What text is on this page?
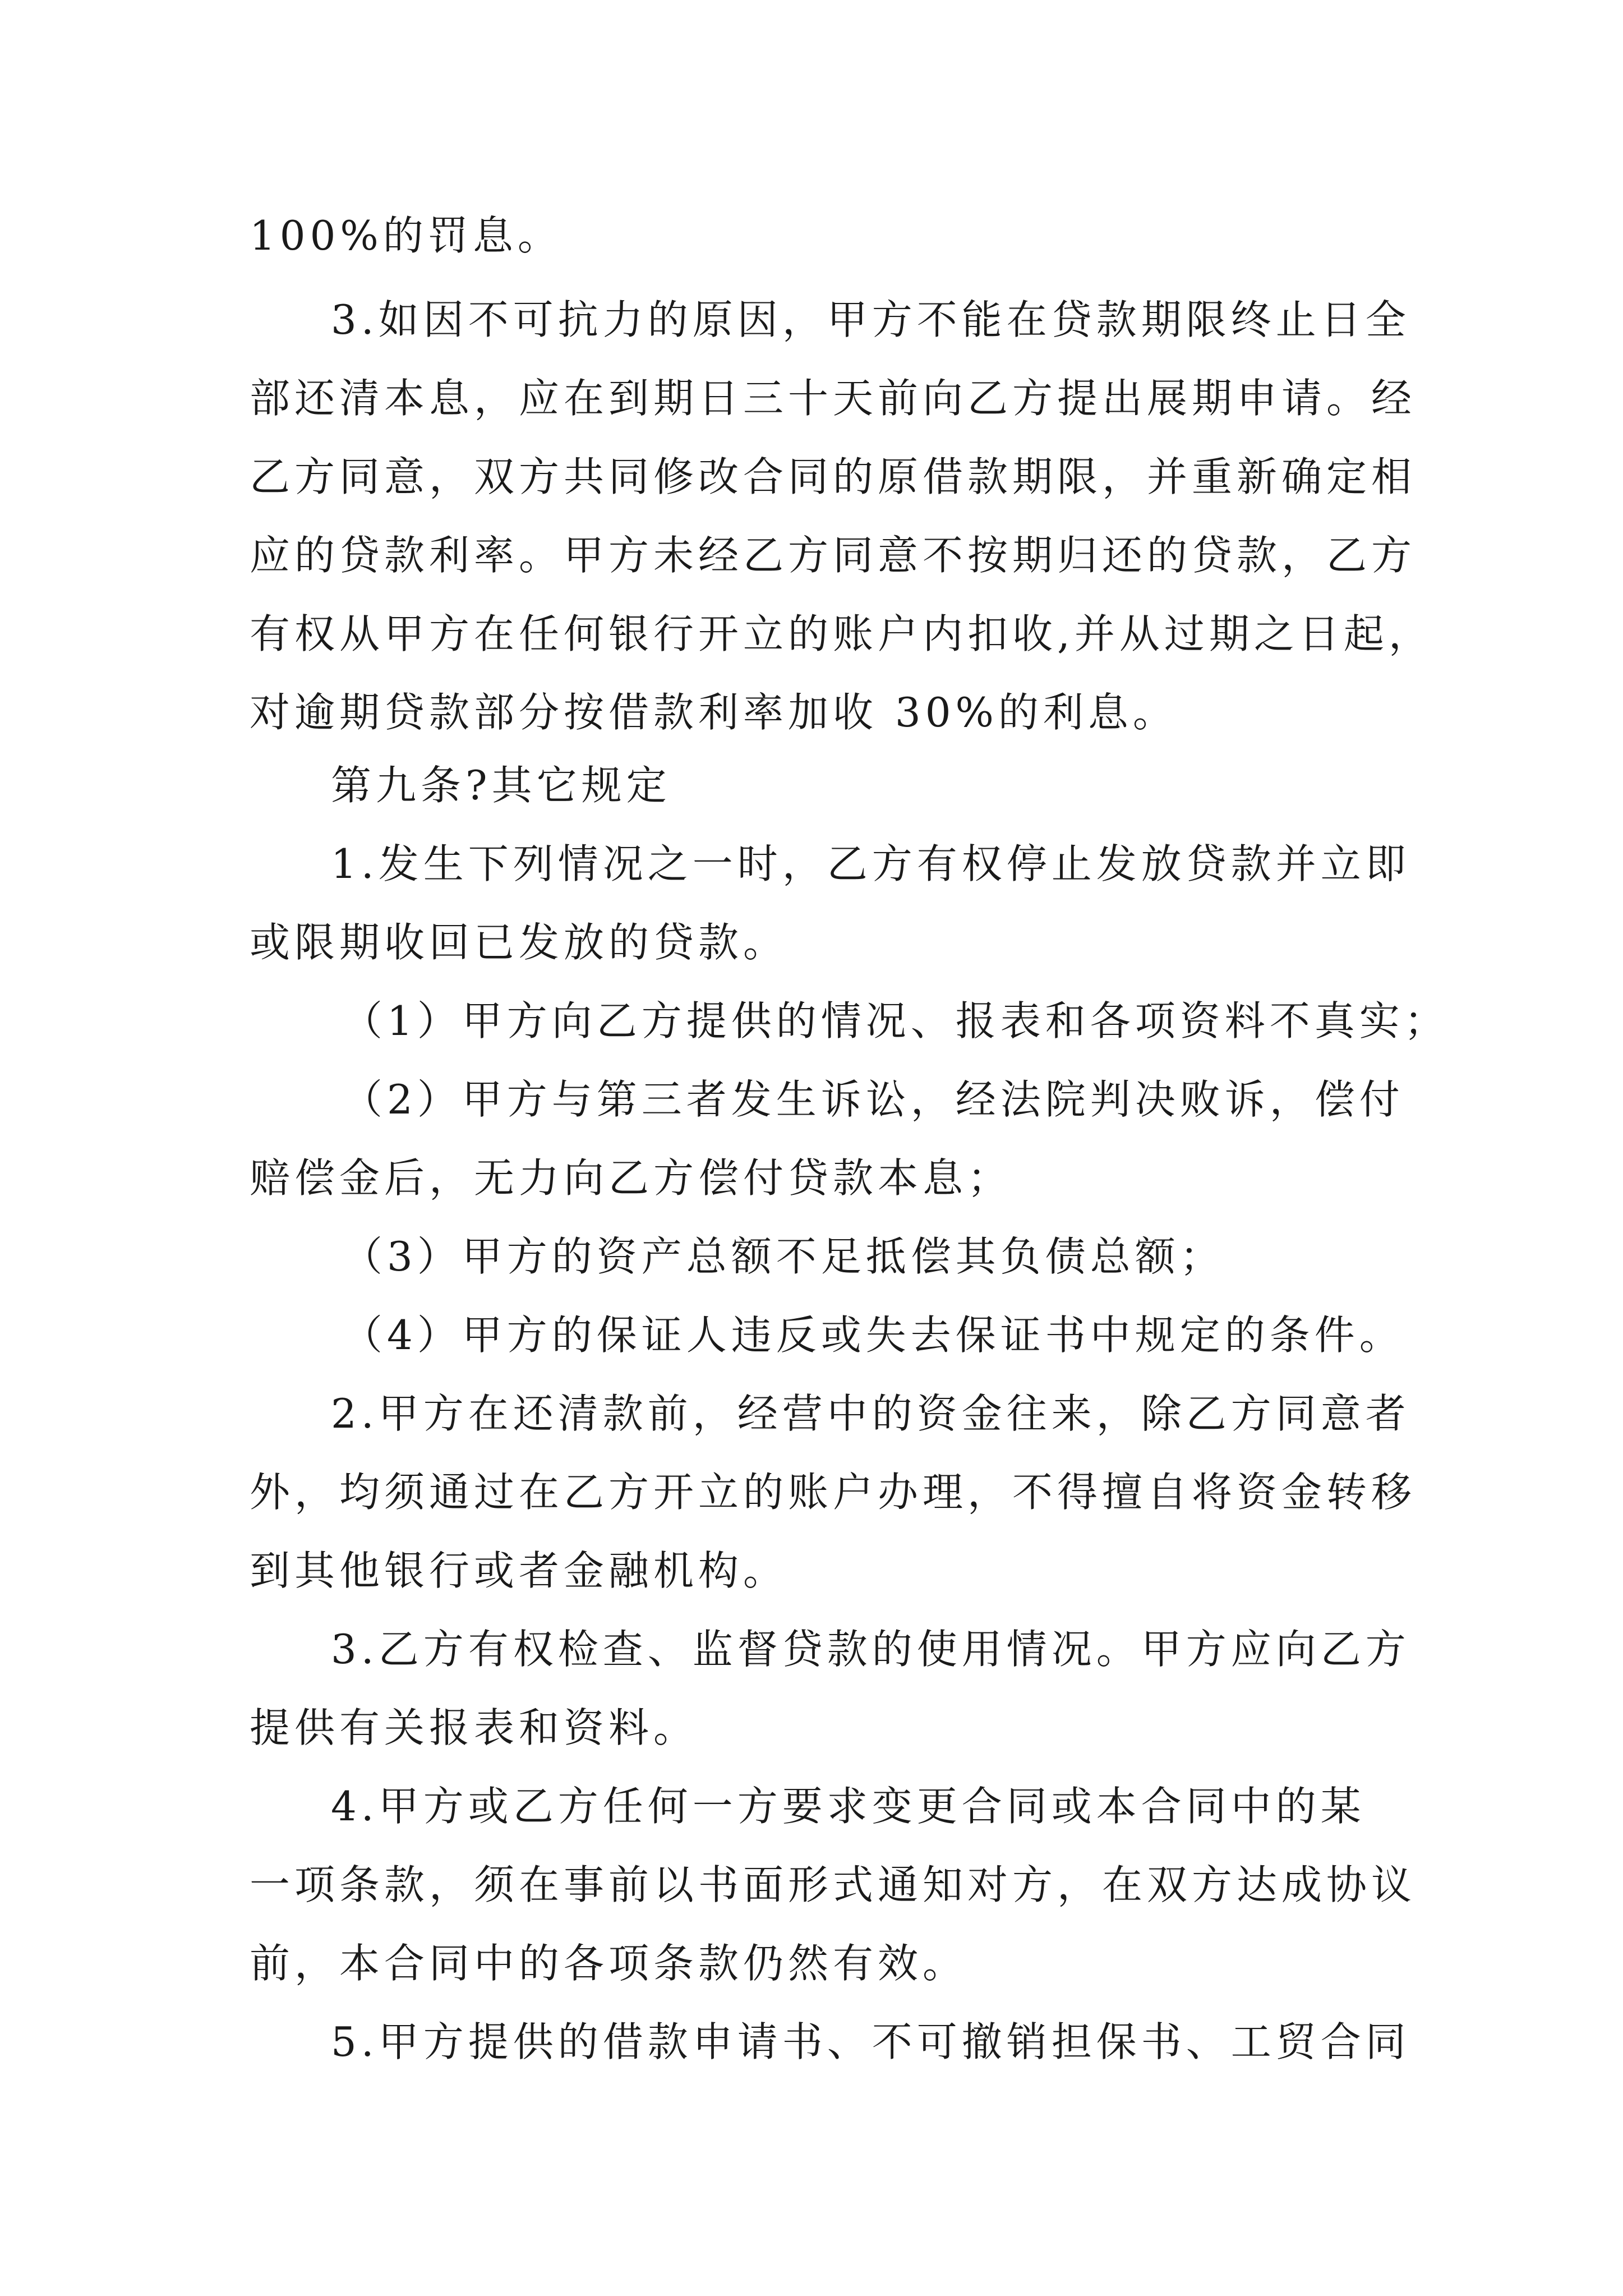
100%的罚息。
3.如因不可抗力的原因，甲方不能在贷款期限终止日全
部还清本息，应在到期日三十天前向乙方提出展期申请。经
乙方同意，双方共同修改合同的原借款期限，并重新确定相
应的贷款利率。甲方未经乙方同意不按期归还的贷款，乙方
有权从甲方在任何银行开立的账户内扣收,并从过期之日起，
对逾期贷款部分按借款利率加收 30%的利息。
第九条?其它规定
1.发生下列情况之一时，乙方有权停止发放贷款并立即
或限期收回已发放的贷款。
（1）甲方向乙方提供的情况、报表和各项资料不真实；
（2）甲方与第三者发生诉讼，经法院判决败诉，偿付
赔偿金后，无力向乙方偿付贷款本息；
（3）甲方的资产总额不足抵偿其负债总额；
（4）甲方的保证人违反或失去保证书中规定的条件。
2.甲方在还清款前，经营中的资金往来，除乙方同意者
外，均须通过在乙方开立的账户办理，不得擅自将资金转移
到其他银行或者金融机构。
3.乙方有权检查、监督贷款的使用情况。甲方应向乙方
提供有关报表和资料。
4.甲方或乙方任何一方要求变更合同或本合同中的某
一项条款，须在事前以书面形式通知对方，在双方达成协议
前，本合同中的各项条款仍然有效。
5.甲方提供的借款申请书、不可撤销担保书、工贸合同
